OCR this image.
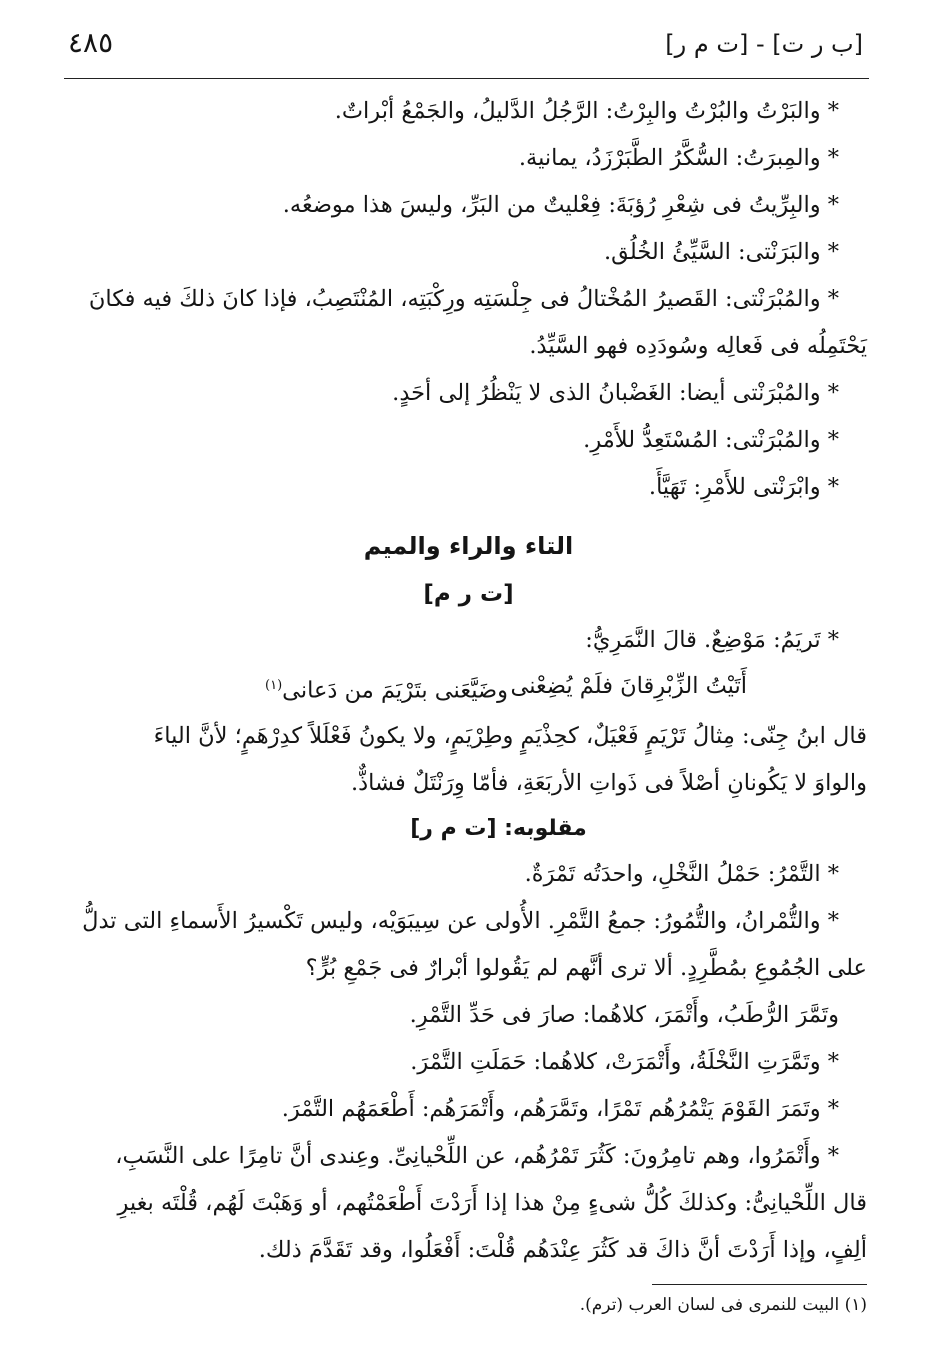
٤٨٥	[ب ر ت] - [ت م ر]

* والبَرْتُ والبُرْتُ والبِرْتُ: الرَّجُلُ الدَّليلُ، والجَمْعُ أبْراتٌ.

* والمِبرَتُ: السُّكَّرُ الطَّبَرْزَدُ، يمانية.

* والبِرِّيتُ فى شِعْرِ رُؤبَةَ: فِعْليتٌ من البَرِّ، وليسَ هذا موضعُه.

* والبَرَنْتى: السَّيِّئُ الخُلُق.

* والمُبْرَنْتى: القَصيرُ المُخْتالُ فى جِلْسَتِه ورِكْبَتِه، المُنْتَصِبُ، فإذا كانَ ذلكَ فيه فكانَ

يَحْتَمِلُه فى فَعالِه وسُودَدِه فهو السَّيِّدُ.

* والمُبْرَنْتى أيضا: الغَضْبانُ الذى لا يَنْظُرُ إلى أحَدٍ.

* والمُبْرَنْتى: المُسْتَعِدُّ للأَمْرِ.

* وابْرَنْتى للأَمْرِ: تَهَيَّأَ.

التاء والراء والميم
[ت ر م]

* تَريَمُ: مَوْضِعٌ. قالَ النَّمَرِيُّ:

أَتَيْتُ الزِّبْرِقانَ فلَمْ يُضِعْنى
وضَيَّعَنى بتَرْيَمَ من دَعانى$^{(١)}$

قال ابنُ جِنّى: مِثالُ تَرْيَمٍ فَعْيَلٌ، كحِذْيَمٍ وطِرْيَمٍ، ولا يكونُ فَعْلَلاً كدِرْهَمٍ؛ لأنَّ الياءَ

والواوَ لا يَكُونانِ أصْلاً فى ذَواتِ الأربَعَةِ، فأمّا وِرَنْتَلٌ فشاذٌّ.

مقلوبه: [ت م ر]

* التَّمْرُ: حَمْلُ النَّخْلِ، واحدَتُه تَمْرَةٌ.

* والتُّمْرانُ، والتُّمُورُ: جمعُ التَّمْرِ. الأُولى عن سِيبَوَيْه، وليس تَكْسيرُ الأَسماءِ التى تدلُّ

على الجُمُوعِ بمُطَّرِدٍ. ألا ترى أنَّهم لم يَقُولوا أبْرارٌ فى جَمْعِ بُرٍّ؟

وتَمَّرَ الرُّطَبُ، وأَتْمَرَ، كلاهُما: صارَ فى حَدِّ التَّمْرِ.

* وتَمَّرَتِ النَّخْلَةُ، وأَتْمَرَتْ، كلاهُما: حَمَلَتِ التَّمْرَ.

* وتَمَرَ القَوْمَ يَتْمُرُهُم تَمْرًا، وتَمَّرَهُم، وأَتْمَرَهُم: أَطْعَمَهُم التَّمْرَ.

* وأَتْمَرُوا، وهم تامِرُونَ: كَثُرَ تَمْرُهُم، عن اللِّحْيانِىِّ. وعِندى أنَّ تامِرًا على النَّسَبِ،

قال اللِّحْيانِىُّ: وكذلكَ كُلُّ شىءٍ مِنْ هذا إذا أَرَدْتَ أَطْعَمْتُهم، أو وَهَبْتَ لَهُم، قُلْتَه بغيرِ

ألِفٍ، وإذا أَرَدْتَ أنَّ ذاكَ قد كَثُرَ عِنْدَهُم قُلْتَ: أَفْعَلُوا، وقد تَقَدَّمَ ذلك.

(١) البيت للنمرى فى لسان العرب (ترم).
